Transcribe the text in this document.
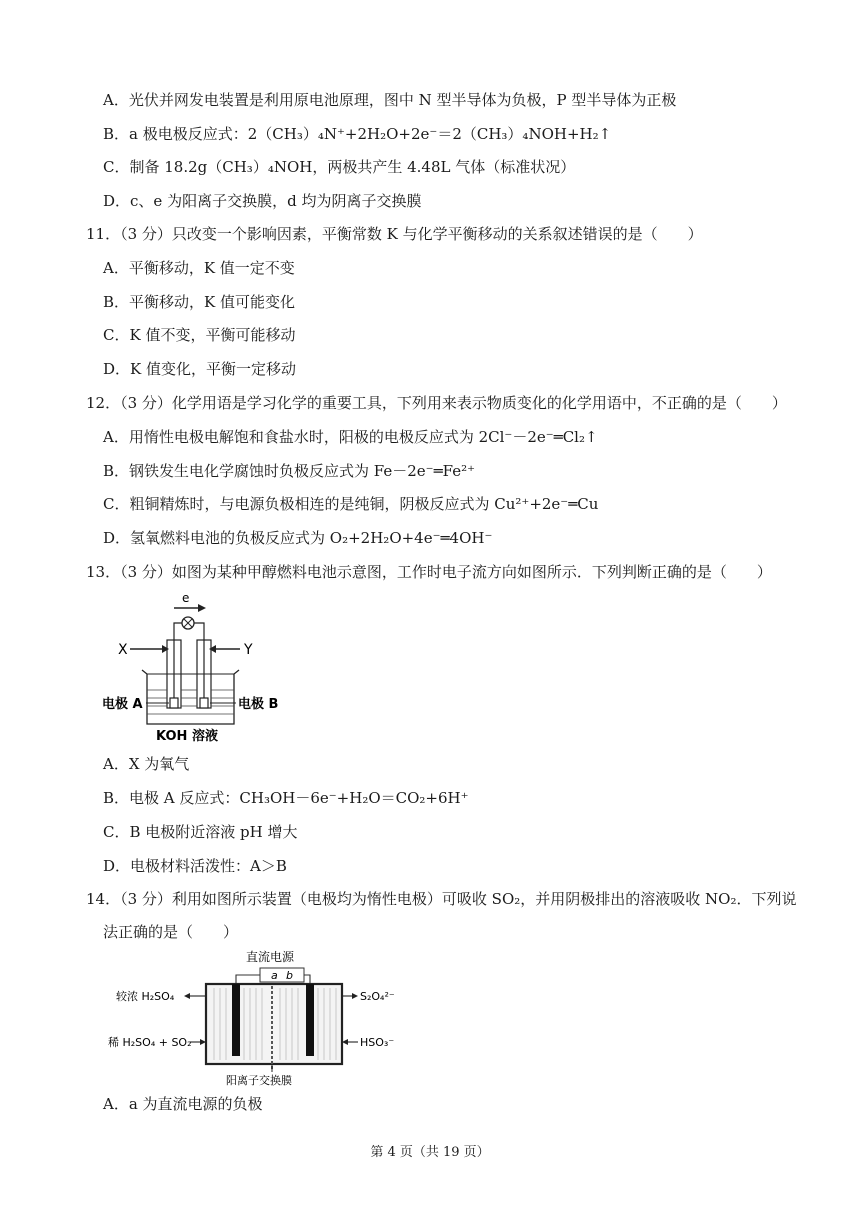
A．光伏并网发电装置是利用原电池原理，图中 N 型半导体为负极，P 型半导体为正极
B．a 极电极反应式：2（CH₃）₄N⁺+2H₂O+2e⁻＝2（CH₃）₄NOH+H₂↑
C．制备 18.2g（CH₃）₄NOH，两极共产生 4.48L 气体（标准状况）
D．c、e 为阳离子交换膜，d 均为阴离子交换膜
11．（3 分）只改变一个影响因素，平衡常数 K 与化学平衡移动的关系叙述错误的是（　　）
A．平衡移动，K 值一定不变
B．平衡移动，K 值可能变化
C．K 值不变，平衡可能移动
D．K 值变化，平衡一定移动
12．（3 分）化学用语是学习化学的重要工具，下列用来表示物质变化的化学用语中，不正确的是（　　）
A．用惰性电极电解饱和食盐水时，阳极的电极反应式为 2Cl⁻－2e⁻═Cl₂↑
B．钢铁发生电化学腐蚀时负极反应式为 Fe－2e⁻═Fe²⁺
C．粗铜精炼时，与电源负极相连的是纯铜，阴极反应式为 Cu²⁺+2e⁻═Cu
D．氢氧燃料电池的负极反应式为 O₂+2H₂O+4e⁻═4OH⁻
13．（3 分）如图为某种甲醇燃料电池示意图，工作时电子流方向如图所示．下列判断正确的是（　　）
e
X	Y
电极 A	电极 B
KOH 溶液
A．X 为氧气
B．电极 A 反应式：CH₃OH－6e⁻+H₂O＝CO₂+6H⁺
C．B 电极附近溶液 pH 增大
D．电极材料活泼性：A＞B
14．（3 分）利用如图所示装置（电极均为惰性电极）可吸收 SO₂，并用阴极排出的溶液吸收 NO₂．下列说
法正确的是（　　）
直流电源
a b
较浓 H₂SO₄
稀 H₂SO₄ + SO₂
S₂O₄²⁻
HSO₃⁻
阳离子交换膜
A．a 为直流电源的负极
第 4 页（共 19 页）
